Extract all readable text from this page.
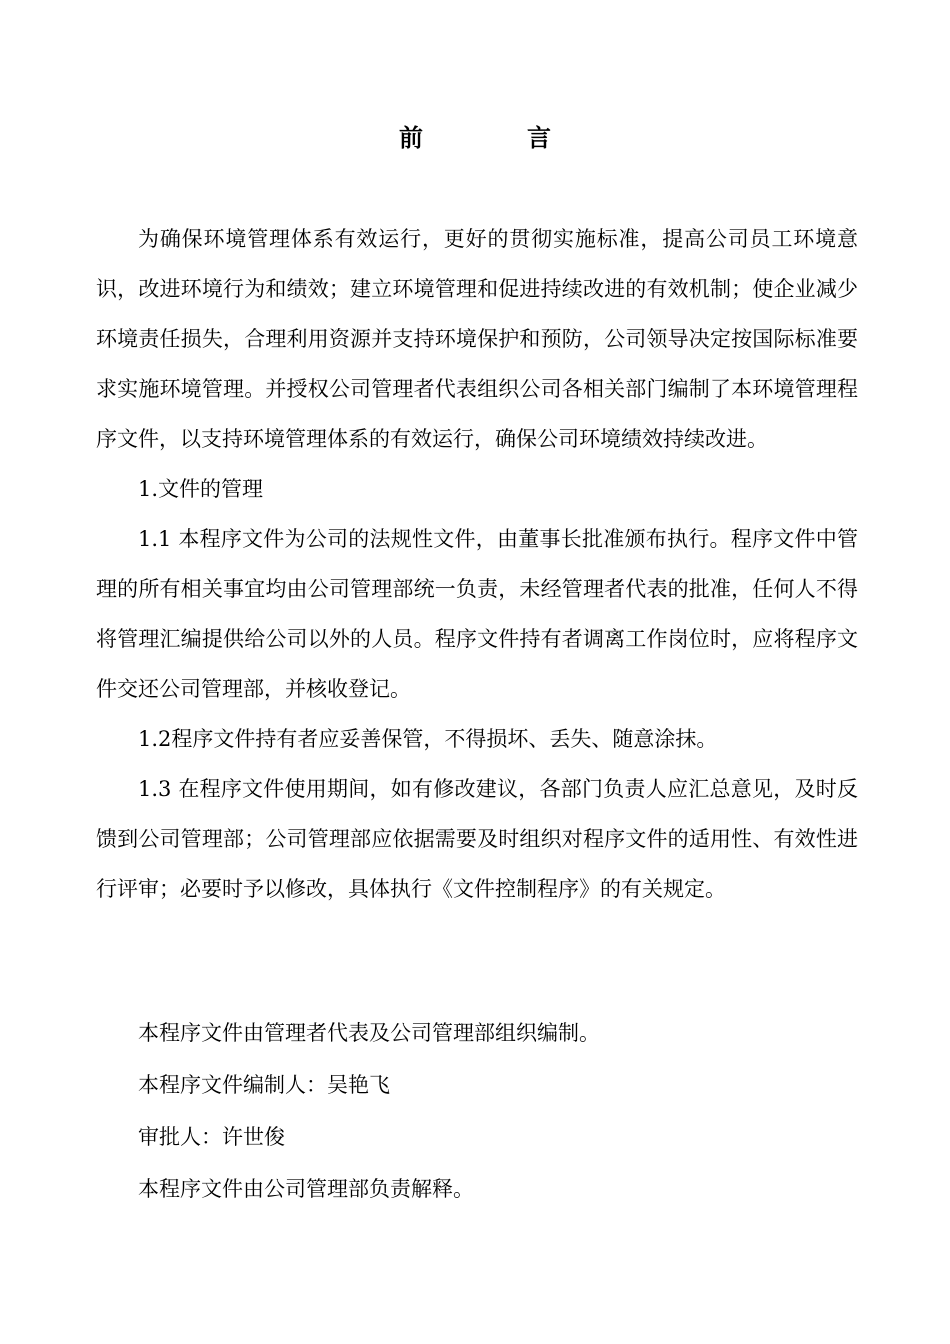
前　言

为确保环境管理体系有效运行，更好的贯彻实施标准，提高公司员工环境意识，改进环境行为和绩效；建立环境管理和促进持续改进的有效机制；使企业减少环境责任损失，合理利用资源并支持环境保护和预防，公司领导决定按国际标准要求实施环境管理。并授权公司管理者代表组织公司各相关部门编制了本环境管理程序文件，以支持环境管理体系的有效运行，确保公司环境绩效持续改进。

1.文件的管理

1.1 本程序文件为公司的法规性文件，由董事长批准颁布执行。程序文件中管理的所有相关事宜均由公司管理部统一负责，未经管理者代表的批准，任何人不得将管理汇编提供给公司以外的人员。程序文件持有者调离工作岗位时，应将程序文件交还公司管理部，并核收登记。

1.2程序文件持有者应妥善保管，不得损坏、丢失、随意涂抹。

1.3 在程序文件使用期间，如有修改建议，各部门负责人应汇总意见，及时反馈到公司管理部；公司管理部应依据需要及时组织对程序文件的适用性、有效性进行评审；必要时予以修改，具体执行《文件控制程序》的有关规定。

本程序文件由管理者代表及公司管理部组织编制。

本程序文件编制人：吴艳飞

审批人：许世俊

本程序文件由公司管理部负责解释。
